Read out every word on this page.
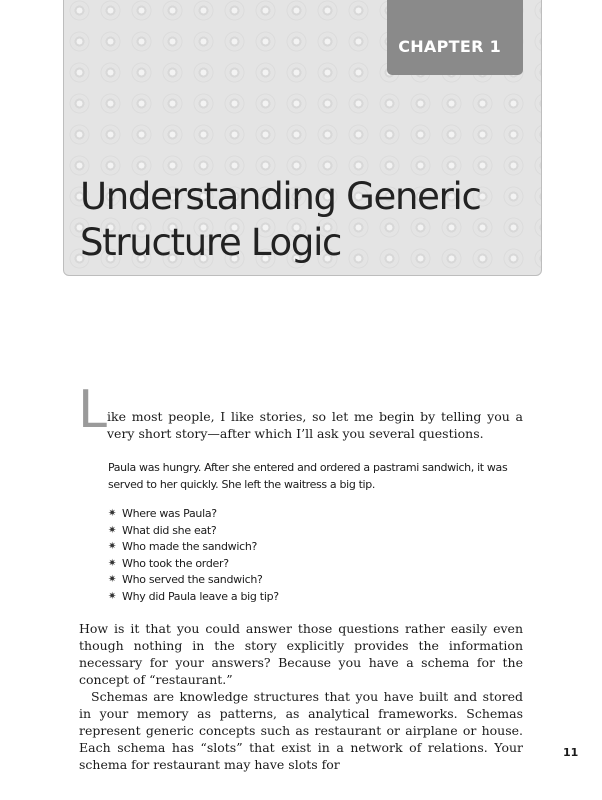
CHAPTER 1
Understanding Generic
Structure Logic
L ike most people, I like stories, so let me begin by telling you a very short story—after which I’ll ask you several questions.

Paula was hungry. After she entered and ordered a pastrami sandwich, it was served to her quickly. She left the waitress a big tip.

✷ Where was Paula?
✷ What did she eat?
✷ Who made the sandwich?
✷ Who took the order?
✷ Who served the sandwich?
✷ Why did Paula leave a big tip?

How is it that you could answer those questions rather easily even though nothing in the story explicitly provides the information necessary for your answers? Because you have a schema for the concept of “restaurant.”

Schemas are knowledge structures that you have built and stored in your memory as patterns, as analytical frameworks. Schemas represent generic concepts such as restaurant or airplane or house. Each schema has “slots” that exist in a network of relations. Your schema for restaurant may have slots for

11
